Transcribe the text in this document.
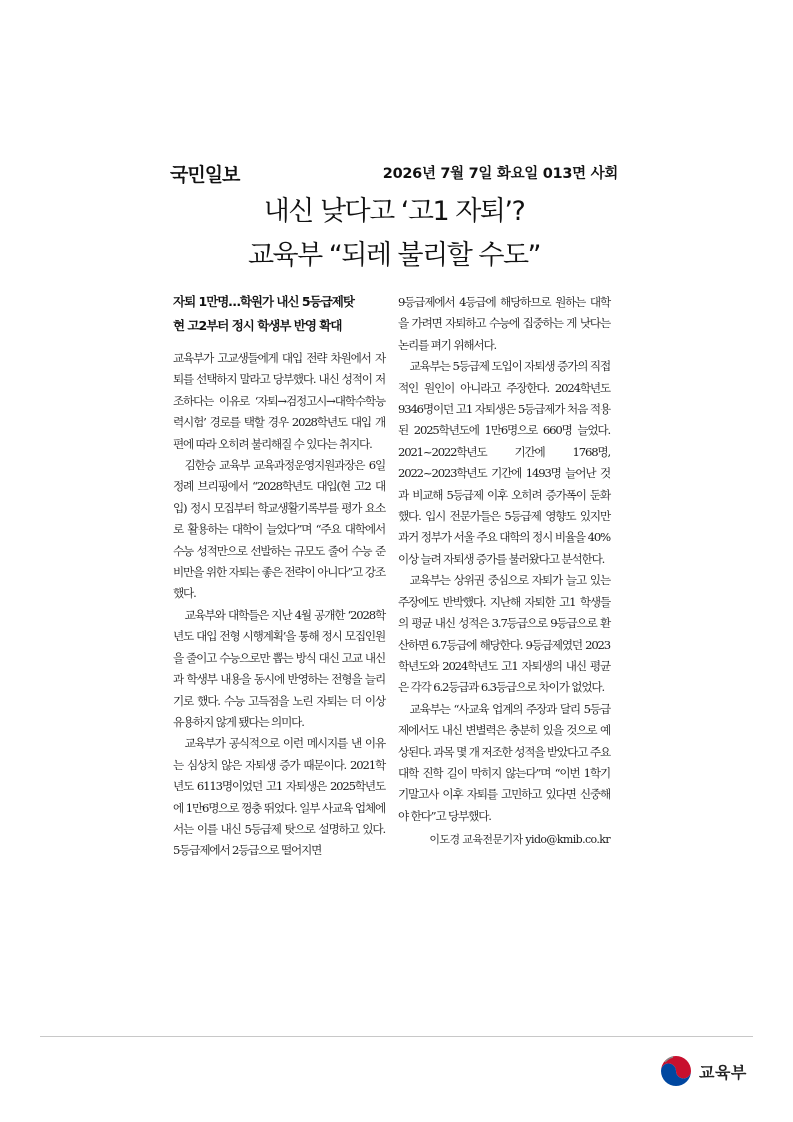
국민일보	2026년 7월 7일 화요일 013면 사회
내신 낮다고 ‘고1 자퇴’?
교육부 “되레 불리할 수도”
자퇴 1만명…학원가 내신 5등급제탓
현 고2부터 정시 학생부 반영 확대

교육부가 고교생들에게 대입 전략 차원에서 자퇴를 선택하지 말라고 당부했다. 내신 성적이 저조하다는 이유로 ‘자퇴→검정고시→대학수학능력시험’ 경로를 택할 경우 2028학년도 대입 개편에 따라 오히려 불리해질 수 있다는 취지다.

김한승 교육부 교육과정운영지원과장은 6일 정례 브리핑에서 “2028학년도 대입(현 고2 대입) 정시 모집부터 학교생활기록부를 평가 요소로 활용하는 대학이 늘었다”며 “주요 대학에서 수능 성적만으로 선발하는 규모도 줄어 수능 준비만을 위한 자퇴는 좋은 전략이 아니다”고 강조했다.

교육부와 대학들은 지난 4월 공개한 ‘2028학년도 대입 전형 시행계획’을 통해 정시 모집인원을 줄이고 수능으로만 뽑는 방식 대신 고교 내신과 학생부 내용을 동시에 반영하는 전형을 늘리기로 했다. 수능 고득점을 노린 자퇴는 더 이상 유용하지 않게 됐다는 의미다.

교육부가 공식적으로 이런 메시지를 낸 이유는 심상치 않은 자퇴생 증가 때문이다. 2021학년도 6113명이었던 고1 자퇴생은 2025학년도에 1만6명으로 껑충 뛰었다. 일부 사교육 업체에서는 이를 내신 5등급제 탓으로 설명하고 있다. 5등급제에서 2등급으로 떨어지면

9등급제에서 4등급에 해당하므로 원하는 대학을 가려면 자퇴하고 수능에 집중하는 게 낫다는 논리를 펴기 위해서다.

교육부는 5등급제 도입이 자퇴생 증가의 직접적인 원인이 아니라고 주장한다. 2024학년도 9346명이던 고1 자퇴생은 5등급제가 처음 적용된 2025학년도에 1만6명으로 660명 늘었다. 2021~2022학년도 기간에 1768명, 2022~2023학년도 기간에 1493명 늘어난 것과 비교해 5등급제 이후 오히려 증가폭이 둔화했다. 입시 전문가들은 5등급제 영향도 있지만 과거 정부가 서울 주요 대학의 정시 비율을 40% 이상 늘려 자퇴생 증가를 불러왔다고 분석한다.

교육부는 상위권 중심으로 자퇴가 늘고 있는 주장에도 반박했다. 지난해 자퇴한 고1 학생들의 평균 내신 성적은 3.7등급으로 9등급으로 환산하면 6.7등급에 해당한다. 9등급제였던 2023학년도와 2024학년도 고1 자퇴생의 내신 평균은 각각 6.2등급과 6.3등급으로 차이가 없었다.

교육부는 “사교육 업계의 주장과 달리 5등급제에서도 내신 변별력은 충분히 있을 것으로 예상된다. 과목 몇 개 저조한 성적을 받았다고 주요 대학 진학 길이 막히지 않는다”며 “이번 1학기 기말고사 이후 자퇴를 고민하고 있다면 신중해야 한다”고 당부했다.

이도경 교육전문기자 yido@kmib.co.kr
교육부
